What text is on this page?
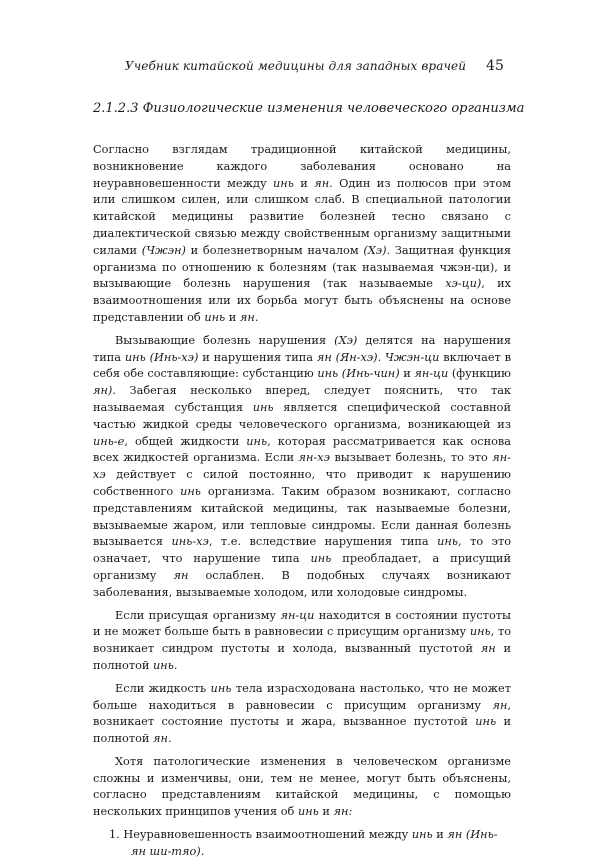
Учебник китайской медицины для западных врачей 45
2.1.2.3 Физиологические изменения человеческого организма

Согласно взглядам традиционной китайской медицины, возникновение каждого заболевания основано на неуравновешенности между инь и ян. Один из полюсов при этом или слишком силен, или слишком слаб. В специальной патологии китайской медицины развитие болезней тесно связано с диалектической связью между свойственным организму защитными силами (Чжэн) и болезнетворным началом (Хэ). Защитная функция организма по отношению к болезням (так называемая чжэн-ци), и вызывающие болезнь нарушения (так называемые хэ-ци), их взаимоотношения или их борьба могут быть объяснены на основе представлении об инь и ян.

Вызывающие болезнь нарушения (Хэ) делятся на нарушения типа инь (Инь-хэ) и нарушения типа ян (Ян-хэ). Чжэн-ци включает в себя обе составляющие: субстанцию инь (Инь-чин) и ян-ци (функцию ян). Забегая несколько вперед, следует пояснить, что так называемая субстанция инь является специфической составной частью жидкой среды человеческого организма, возникающей из инь-е, общей жидкости инь, которая рассматривается как основа всех жидкостей организма. Если ян-хэ вызывает болезнь, то это ян-хэ действует с силой постоянно, что приводит к нарушению собственного инь организма. Таким образом возникают, согласно представлениям китайской медицины, так называемые болезни, вызываемые жаром, или тепловые синдромы. Если данная болезнь вызывается инь-хэ, т.е. вследствие нарушения типа инь, то это означает, что нарушение типа инь преобладает, а присущий организму ян ослаблен. В подобных случаях возникают заболевания, вызываемые холодом, или холодовые синдромы.

Если присущая организму ян-ци находится в состоянии пустоты и не может больше быть в равновесии с присущим организму инь, то возникает синдром пустоты и холода, вызванный пустотой ян и полнотой инь.

Если жидкость инь тела израсходована настолько, что не может больше находиться в равновесии с присущим организму ян, возникает состояние пустоты и жара, вызванное пустотой инь и полнотой ян.

Хотя патологические изменения в человеческом организме сложны и изменчивы, они, тем не менее, могут быть объяснены, согласно представлениям китайской медицины, с помощью нескольких принципов учения об инь и ян:

1. Неуравновешенность взаимоотношений между инь и ян (Инь-ян ши-тяо).
